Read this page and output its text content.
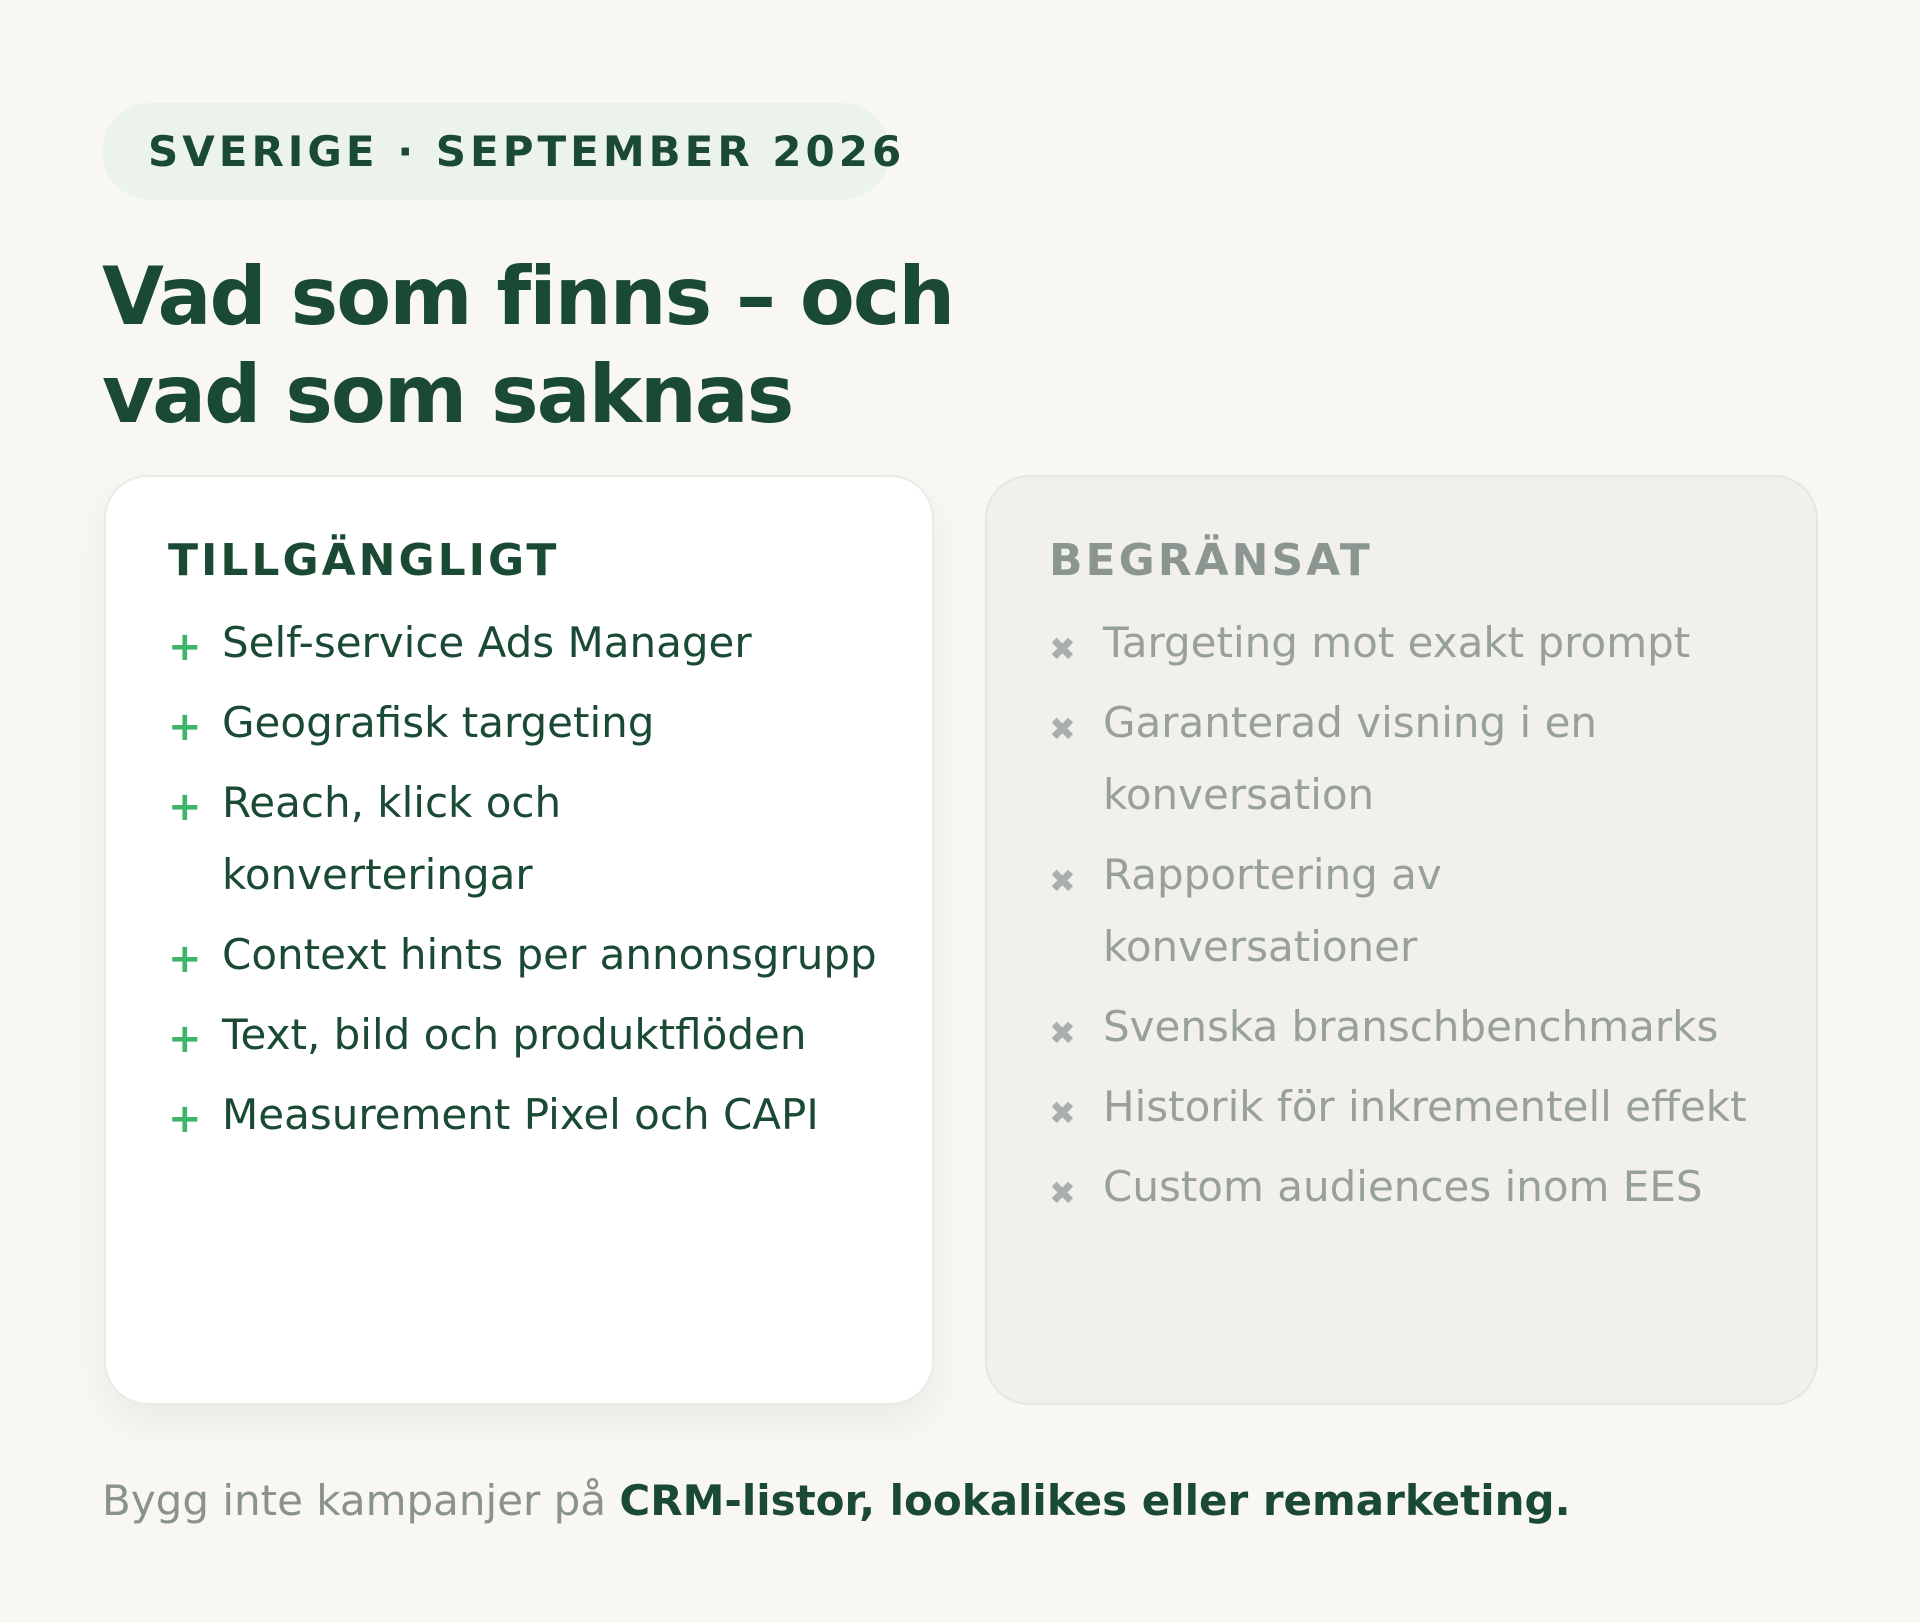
SVERIGE · SEPTEMBER 2026
Vad som finns – och
vad som saknas
TILLGÄNGLIGT
+ Self-service Ads Manager
+ Geografisk targeting
+ Reach, klick och konverteringar
+ Context hints per annonsgrupp
+ Text, bild och produktflöden
+ Measurement Pixel och CAPI
BEGRÄNSAT
✖ Targeting mot exakt prompt
✖ Garanterad visning i en konversation
✖ Rapportering av konversationer
✖ Svenska branschbenchmarks
✖ Historik för inkrementell effekt
✖ Custom audiences inom EES

Bygg inte kampanjer på CRM-listor, lookalikes eller remarketing.
